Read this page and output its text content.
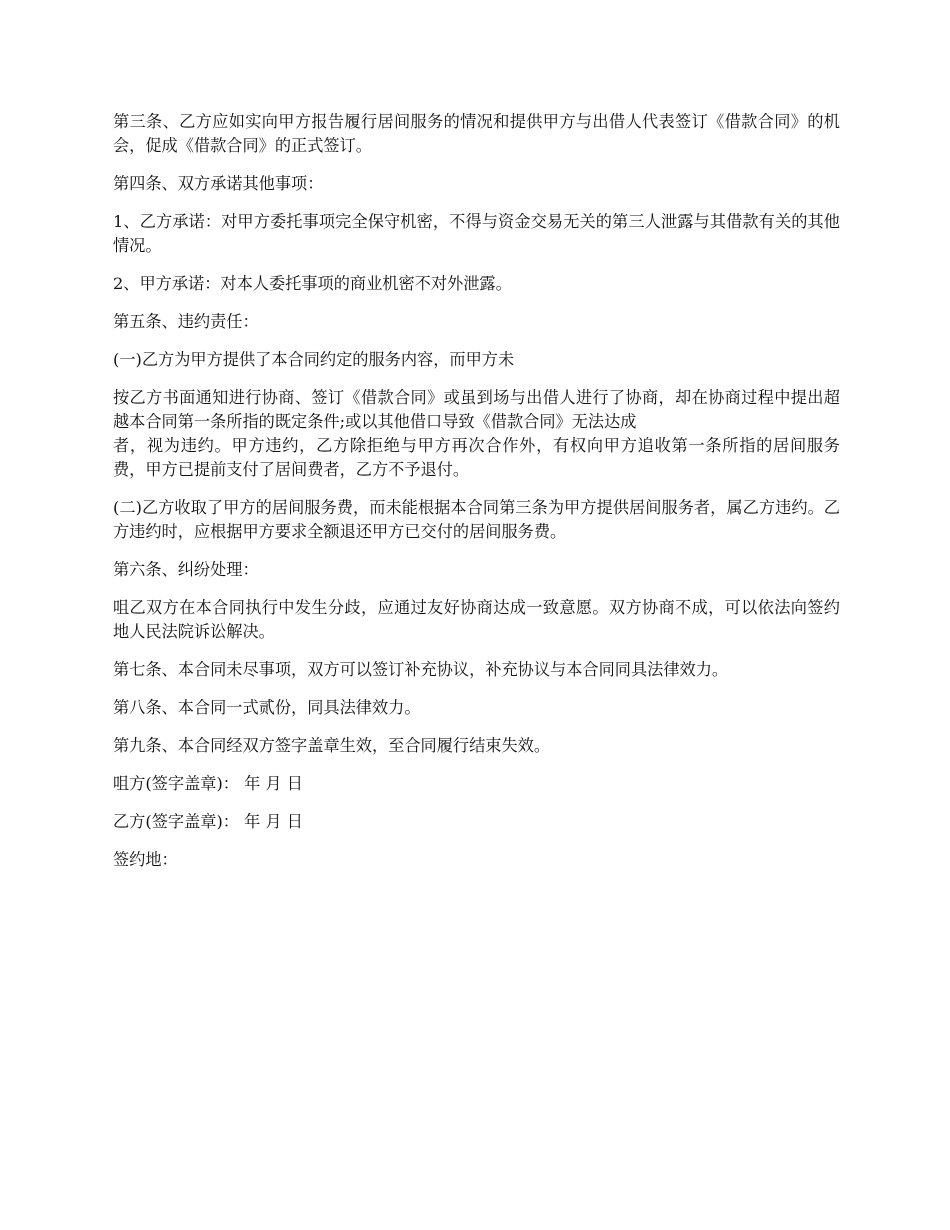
第三条、乙方应如实向甲方报告履行居间服务的情况和提供甲方与出借人代表签订《借款合同》的机会，促成《借款合同》的正式签订。

第四条、双方承诺其他事项：

1、乙方承诺：对甲方委托事项完全保守机密，不得与资金交易无关的第三人泄露与其借款有关的其他情况。

2、甲方承诺：对本人委托事项的商业机密不对外泄露。

第五条、违约责任：

(一)乙方为甲方提供了本合同约定的服务内容，而甲方未

按乙方书面通知进行协商、签订《借款合同》或虽到场与出借人进行了协商，却在协商过程中提出超越本合同第一条所指的既定条件;或以其他借口导致《借款合同》无法达成
者，视为违约。甲方违约，乙方除拒绝与甲方再次合作外，有权向甲方追收第一条所指的居间服务费，甲方已提前支付了居间费者，乙方不予退付。

(二)乙方收取了甲方的居间服务费，而未能根据本合同第三条为甲方提供居间服务者，属乙方违约。乙方违约时，应根据甲方要求全额退还甲方已交付的居间服务费。

第六条、纠纷处理：

咀乙双方在本合同执行中发生分歧，应通过友好协商达成一致意愿。双方协商不成，可以依法向签约地人民法院诉讼解决。

第七条、本合同未尽事项，双方可以签订补充协议，补充协议与本合同同具法律效力。

第八条、本合同一式贰份，同具法律效力。

第九条、本合同经双方签字盖章生效，至合同履行结束失效。

咀方(签字盖章)： 年 月 日

乙方(签字盖章)： 年 月 日

签约地：
